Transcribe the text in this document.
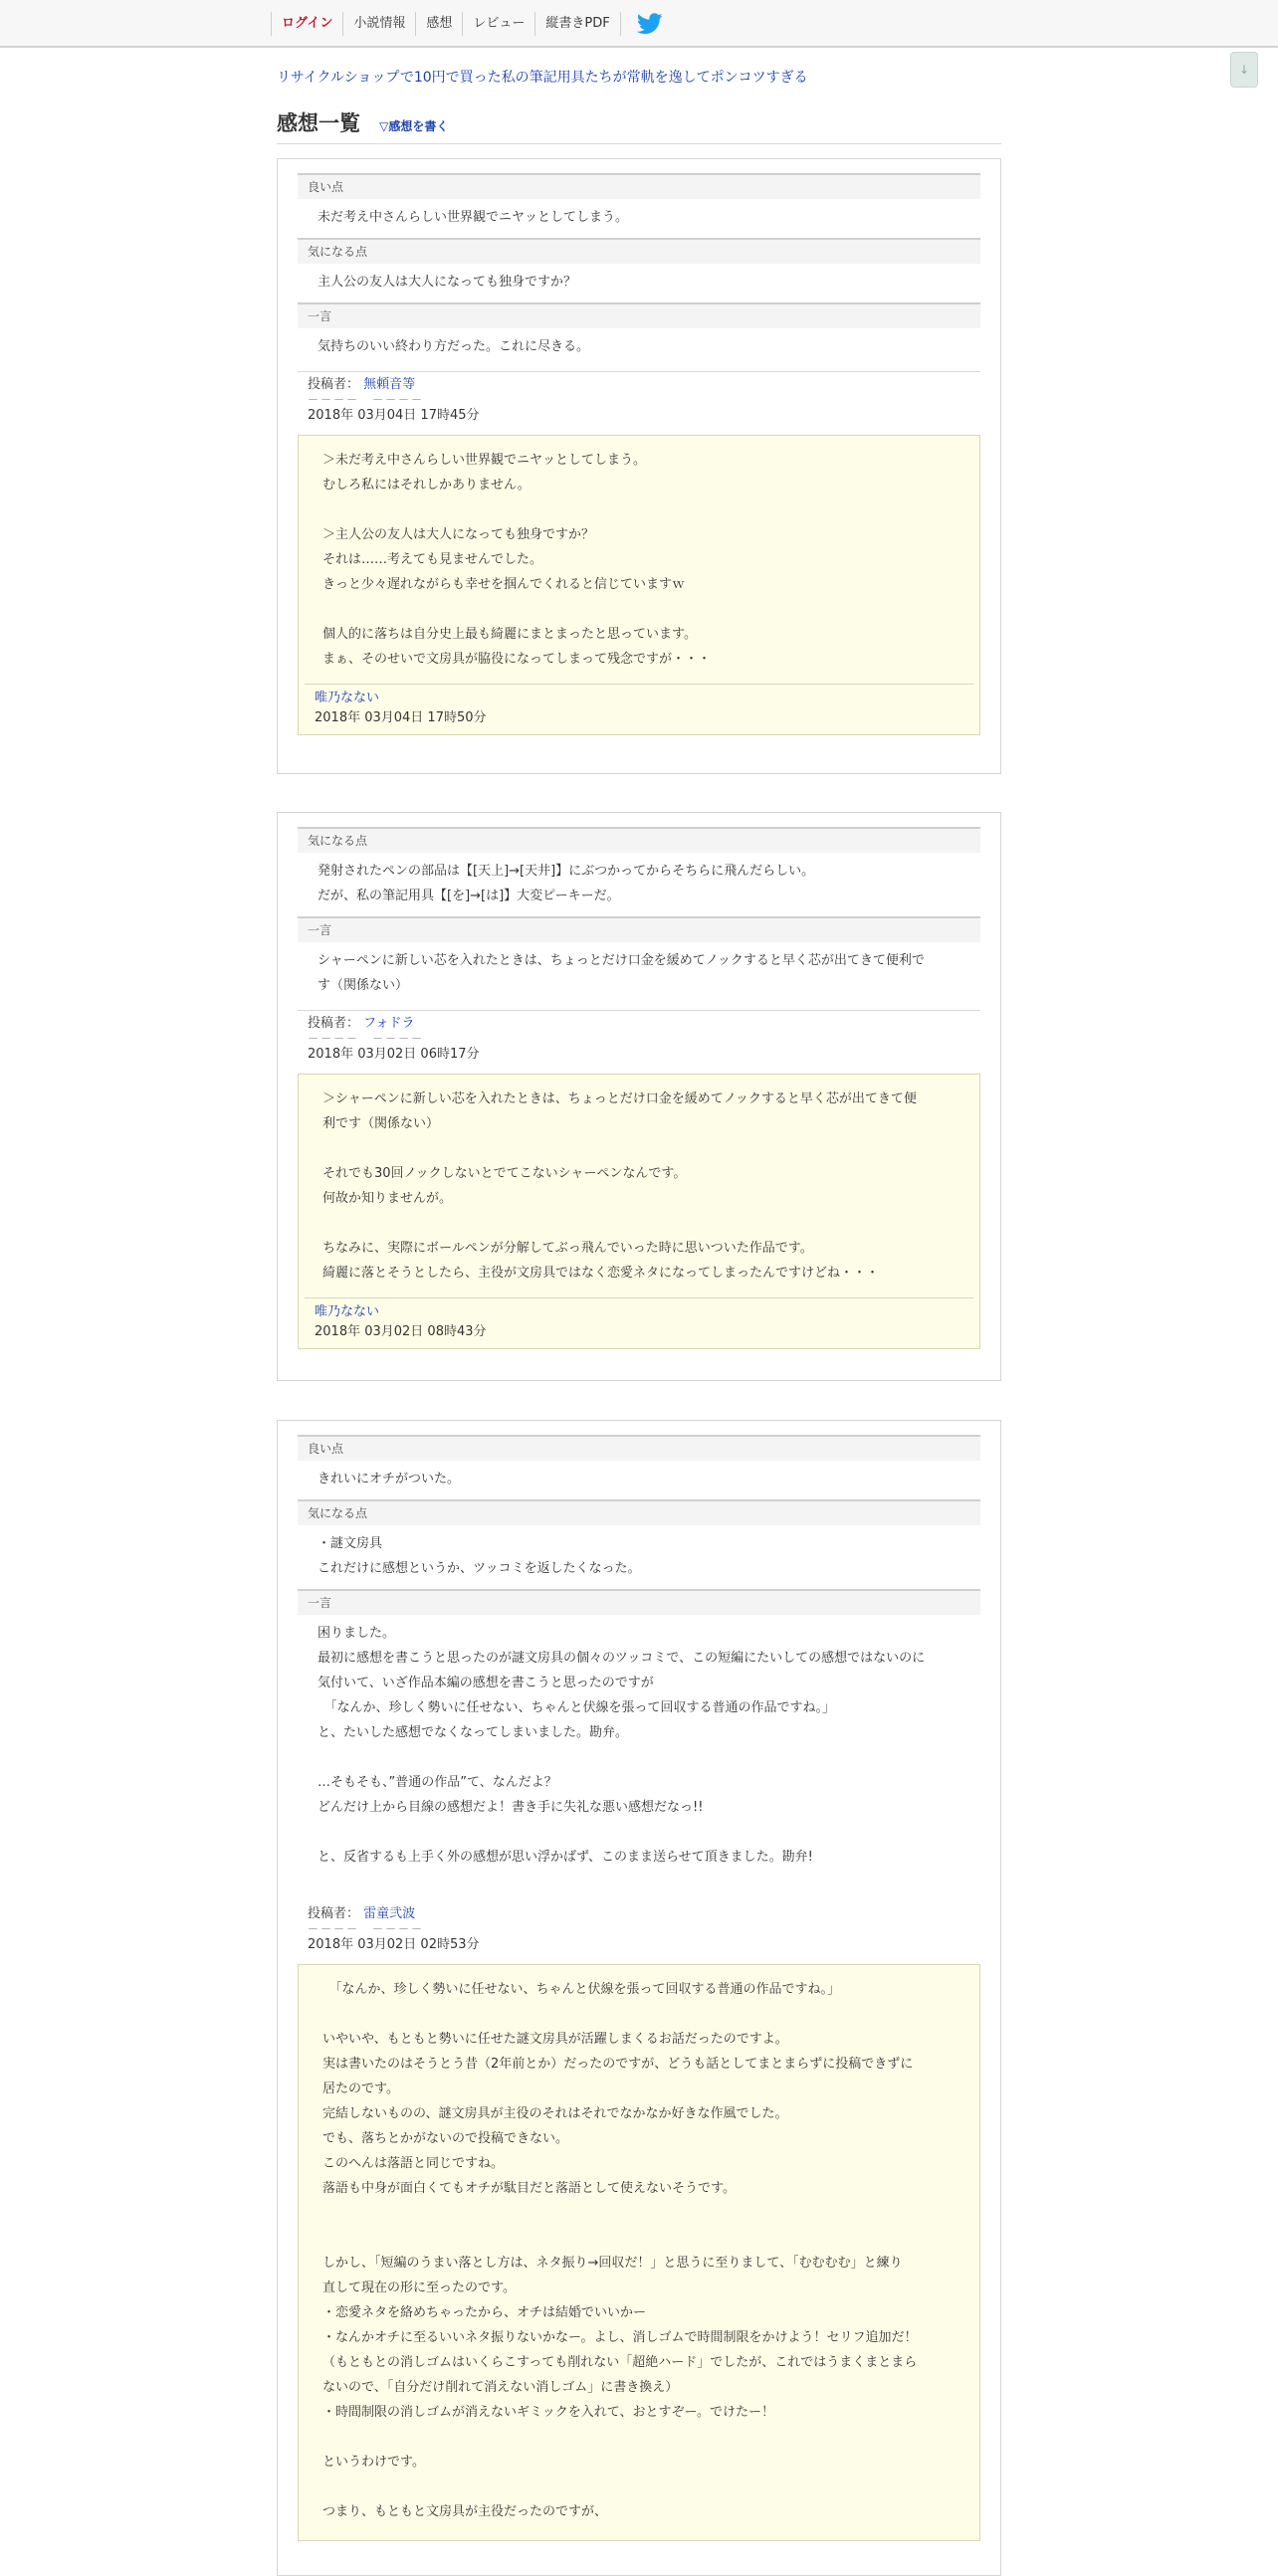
ログイン	小説情報	感想	レビュー	縦書きPDF
↓
リサイクルショップで10円で買った私の筆記用具たちが常軌を逸してポンコツすぎる
感想一覧 ▽感想を書く
良い点
未だ考え中さんらしい世界観でニヤッとしてしまう。
気になる点
主人公の友人は大人になっても独身ですか？
一言
気持ちのいい終わり方だった。これに尽きる。
投稿者： 無頼音等
－－－－　－－－－
2018年 03月04日 17時45分
＞未だ考え中さんらしい世界観でニヤッとしてしまう。
むしろ私にはそれしかありません。
＞主人公の友人は大人になっても独身ですか？
それは……考えても見ませんでした。
きっと少々遅れながらも幸せを掴んでくれると信じていますｗ
個人的に落ちは自分史上最も綺麗にまとまったと思っています。
まぁ、そのせいで文房具が脇役になってしまって残念ですが・・・
唯乃なない
2018年 03月04日 17時50分
気になる点
発射されたペンの部品は【[天上]→[天井]】にぶつかってからそちらに飛んだらしい。
だが、私の筆記用具【[を]→[は]】大変ピーキーだ。
一言
シャーペンに新しい芯を入れたときは、ちょっとだけ口金を緩めてノックすると早く芯が出てきて便利で
す（関係ない）
投稿者： フォドラ
－－－－　－－－－
2018年 03月02日 06時17分
＞シャーペンに新しい芯を入れたときは、ちょっとだけ口金を緩めてノックすると早く芯が出てきて便
利です（関係ない）
それでも30回ノックしないとでてこないシャーペンなんです。
何故か知りませんが。
ちなみに、実際にボールペンが分解してぶっ飛んでいった時に思いついた作品です。
綺麗に落とそうとしたら、主役が文房具ではなく恋愛ネタになってしまったんですけどね・・・
唯乃なない
2018年 03月02日 08時43分
良い点
きれいにオチがついた。
気になる点
・謎文房具
これだけに感想というか、ツッコミを返したくなった。
一言
困りました。
最初に感想を書こうと思ったのが謎文房具の個々のツッコミで、この短編にたいしての感想ではないのに
気付いて、いざ作品本編の感想を書こうと思ったのですが
　「なんか、珍しく勢いに任せない、ちゃんと伏線を張って回収する普通の作品ですね。」
と、たいした感想でなくなってしまいました。勘弁。
…そもそも、”普通の作品”て、なんだよ？
どんだけ上から目線の感想だよ！書き手に失礼な悪い感想だなっ!!
と、反省するも上手く外の感想が思い浮かばず、このまま送らせて頂きました。勘弁!
投稿者： 雷童弐波
－－－－　－－－－
2018年 03月02日 02時53分
　「なんか、珍しく勢いに任せない、ちゃんと伏線を張って回収する普通の作品ですね。」
いやいや、もともと勢いに任せた謎文房具が活躍しまくるお話だったのですよ。
実は書いたのはそうとう昔（2年前とか）だったのですが、どうも話としてまとまらずに投稿できずに
居たのです。
完結しないものの、謎文房具が主役のそれはそれでなかなか好きな作風でした。
でも、落ちとかがないので投稿できない。
このへんは落語と同じですね。
落語も中身が面白くてもオチが駄目だと落語として使えないそうです。
しかし、「短編のうまい落とし方は、ネタ振り→回収だ！」と思うに至りまして、「むむむむ」と練り
直して現在の形に至ったのです。
・恋愛ネタを絡めちゃったから、オチは結婚でいいかー
・なんかオチに至るいいネタ振りないかなー。よし、消しゴムで時間制限をかけよう！セリフ追加だ！
（もともとの消しゴムはいくらこすっても削れない「超絶ハード」でしたが、これではうまくまとまら
ないので、「自分だけ削れて消えない消しゴム」に書き換え）
・時間制限の消しゴムが消えないギミックを入れて、おとすぞー。でけたー！
というわけです。
つまり、もともと文房具が主役だったのですが、
